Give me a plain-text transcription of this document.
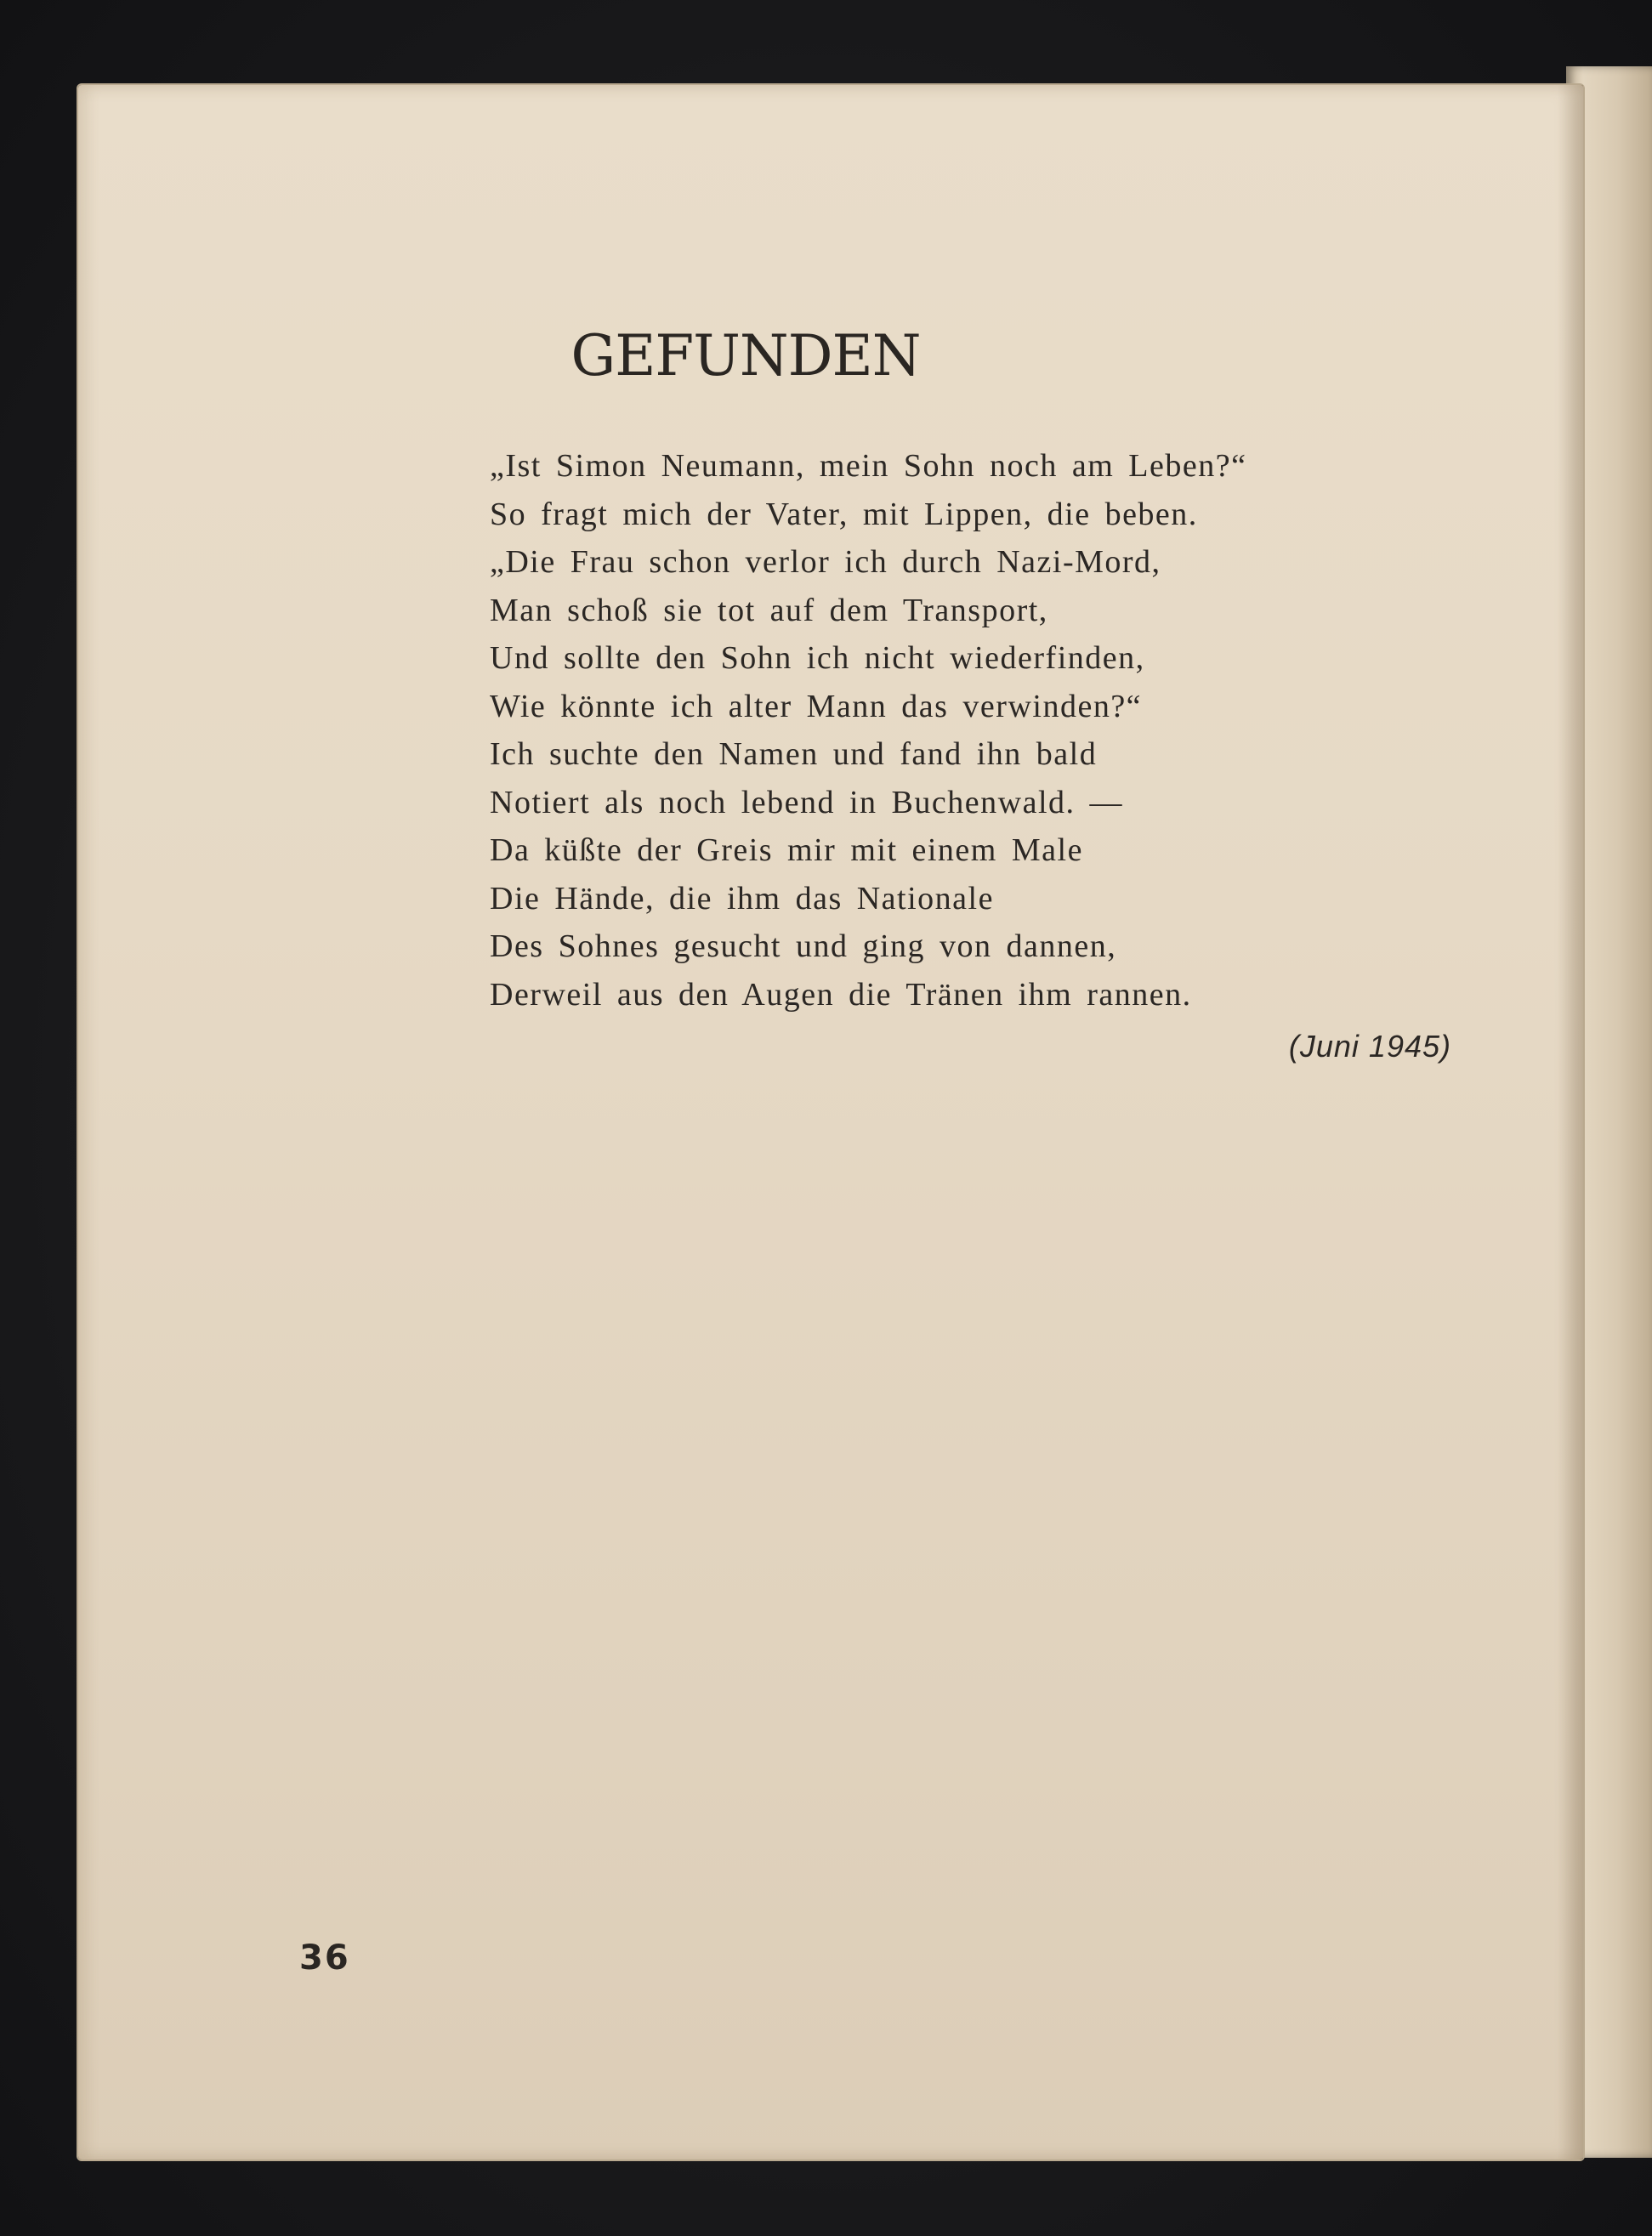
GEFUNDEN
„Ist Simon Neumann, mein Sohn noch am Leben?“
So fragt mich der Vater, mit Lippen, die beben.
„Die Frau schon verlor ich durch Nazi-Mord,
Man schoß sie tot auf dem Transport,
Und sollte den Sohn ich nicht wiederfinden,
Wie könnte ich alter Mann das verwinden?“
Ich suchte den Namen und fand ihn bald
Notiert als noch lebend in Buchenwald. —
Da küßte der Greis mir mit einem Male
Die Hände, die ihm das Nationale
Des Sohnes gesucht und ging von dannen,
Derweil aus den Augen die Tränen ihm rannen.
(Juni 1945)
36
